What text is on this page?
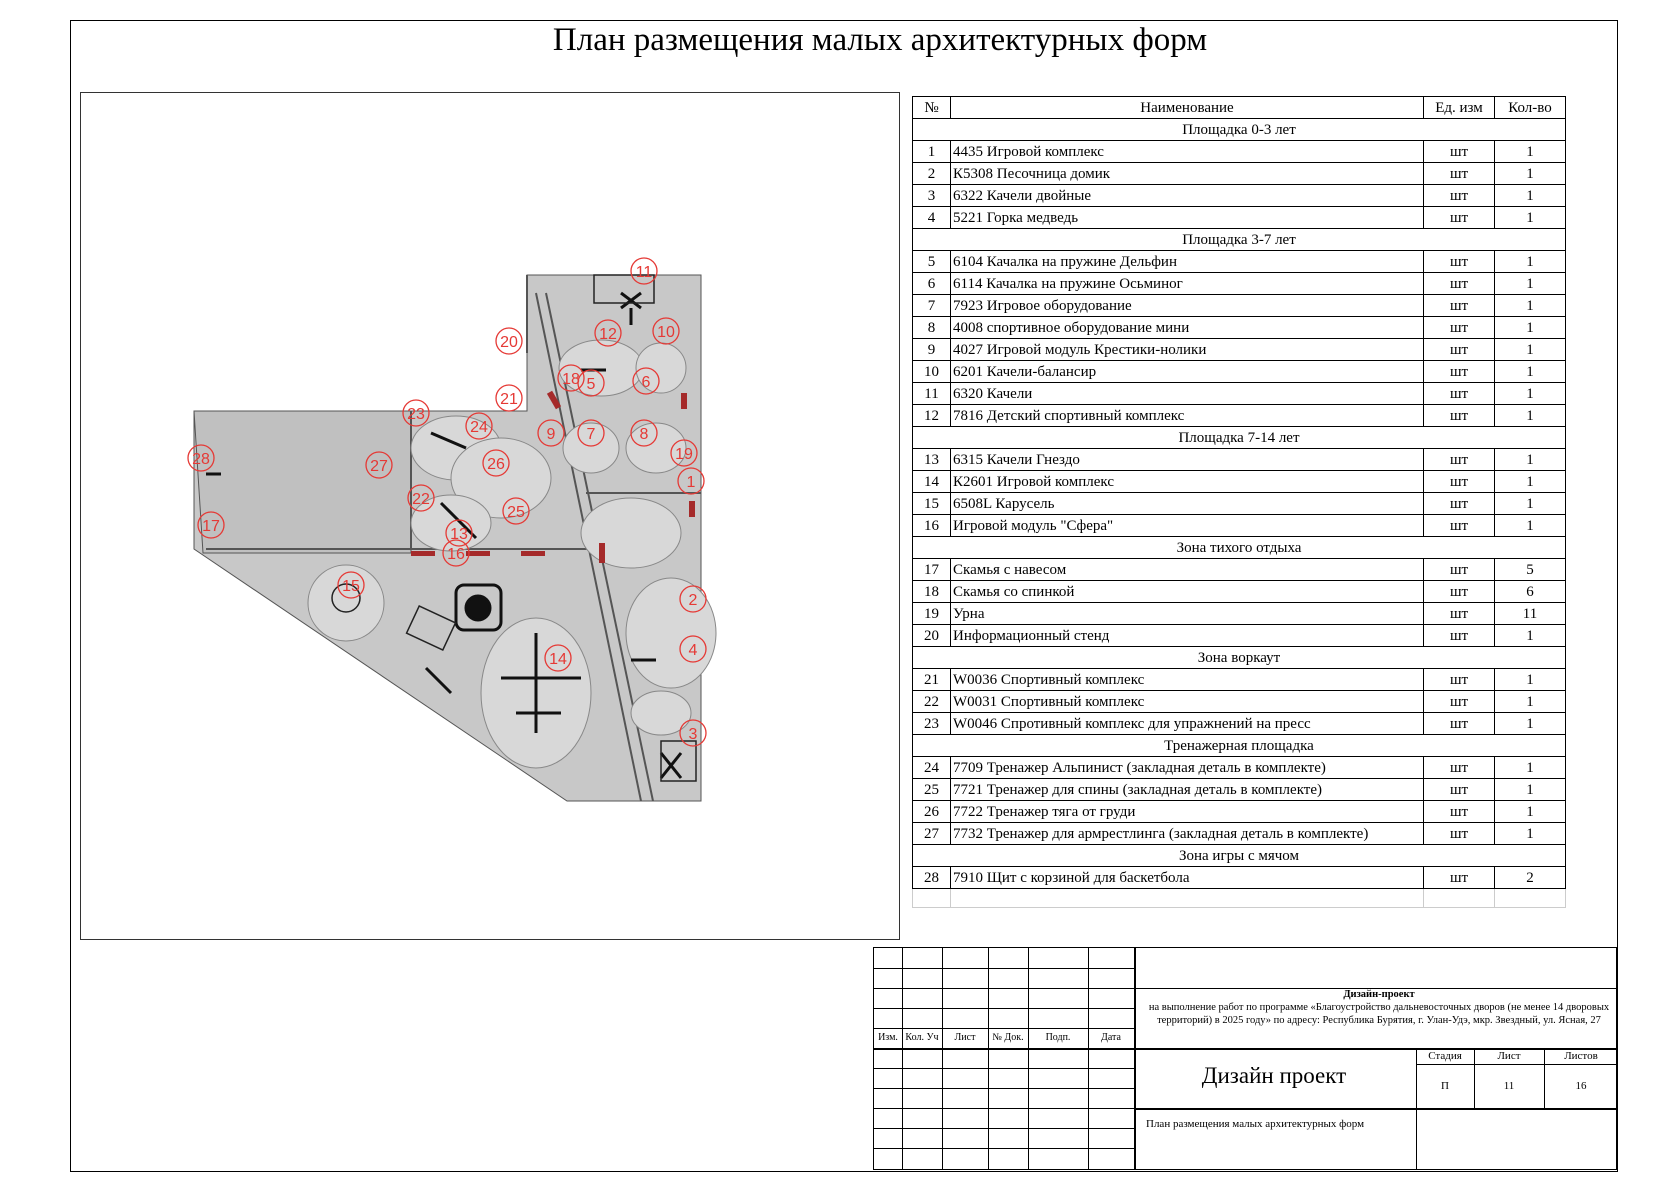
План размещения малых архитектурных форм
1
2
3
4
5	6
7	8
9
10
11
12
13
14
15
16
17
18
19
20
21
22
23
24
25
26
27
28
№	Наименование	Ед. изм	Кол-во
Площадка 0-3 лет			
1	4435 Игровой комплекс	шт	1
2	К5308 Песочница домик	шт	1
3	6322 Качели двойные	шт	1
4	5221 Горка медведь	шт	1
Площадка 3-7 лет			
5	6104 Качалка на пружине Дельфин	шт	1
6	6114 Качалка на пружине Осьминог	шт	1
7	7923 Игровое оборудование	шт	1
8	4008 спортивное оборудование мини	шт	1
9	4027 Игровой модуль Крестики-нолики	шт	1
10	6201 Качели-балансир	шт	1
11	6320 Качели	шт	1
12	7816 Детский спортивный комплекс	шт	1
Площадка 7-14 лет			
13	6315 Качели Гнездо	шт	1
14	К2601 Игровой комплекс	шт	1
15	6508L Карусель	шт	1
16	Игровой модуль "Сфера"	шт	1
Зона тихого отдыха			
17	Скамья с навесом	шт	5
18	Скамья со спинкой	шт	6
19	Урна	шт	11
20	Информационный стенд	шт	1
Зона воркаут			
21	W0036 Спортивный комплекс	шт	1
22	W0031 Спортивный комплекс	шт	1
23	W0046 Спротивный комплекс для упражнений на пресс	шт	1
Тренажерная площадка			
24	7709 Тренажер Альпинист (закладная деталь в комплекте)	шт	1
25	7721 Тренажер для спины (закладная деталь в комплекте)	шт	1
26	7722 Тренажер тяга от груди	шт	1
27	7732 Тренажер для армрестлинга (закладная деталь в комплекте)	шт	1
Зона игры с мячом			
28	7910 Щит с корзиной для баскетбола	шт	2

Изм. Кол. Уч	Лист	№ Док.	Подп.	Дата
Дизайн-проект
на выполнение работ по программе «Благоустройство дальневосточных дворов (не менее 14 дворовых территорий) в 2025 году» по адресу: Республика Бурятия, г. Улан-Удэ, мкр. Звездный, ул. Ясная, 27
Дизайн проект
Стадия	Лист	Листов
П	11	16
План размещения малых архитектурных форм
